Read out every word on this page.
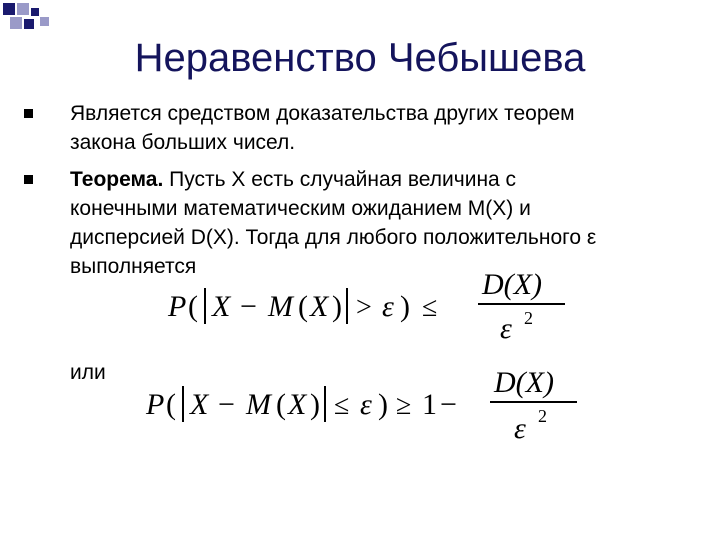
Неравенство Чебышева
Является средством доказательства других теорем
закона больших чисел.
Теорема. Пусть X есть случайная величина с
конечными математическим ожиданием M(X) и
дисперсией D(X). Тогда для любого положительного ε
выполняется
P ( X − M ( X ) > ε ) ≤
D(X)
ε 2
или
P ( X − M ( X ) ≤ ε ) ≥ 1 −
D(X)
ε 2
